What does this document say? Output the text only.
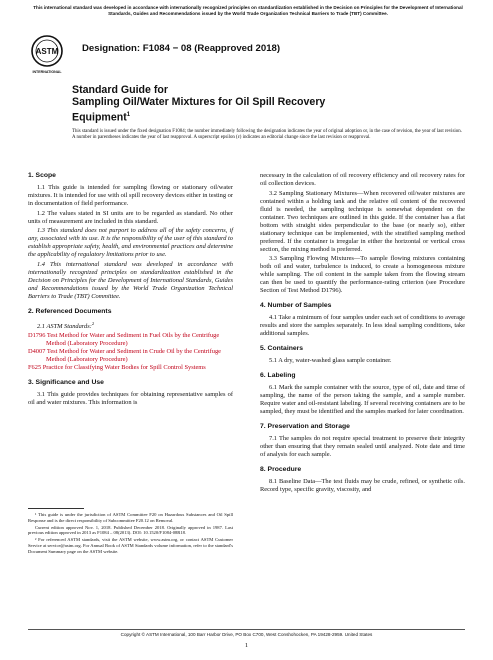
This international standard was developed in accordance with internationally recognized principles on standardization established in the Decision on Principles for the Development of International Standards, Guides and Recommendations issued by the World Trade Organization Technical Barriers to Trade (TBT) Committee.
ASTM
INTERNATIONAL
Designation: F1084 − 08 (Reapproved 2018)
Standard Guide for
Sampling Oil/Water Mixtures for Oil Spill Recovery
Equipment$^1$
This standard is issued under the fixed designation F1084; the number immediately following the designation indicates the year of original adoption or, in the case of revision, the year of last revision. A number in parentheses indicates the year of last reapproval. A superscript epsilon (ε) indicates an editorial change since the last revision or reapproval.
1. Scope

1.1 This guide is intended for sampling flowing or stationary oil/water mixtures. It is intended for use with oil spill recovery devices either in testing or in documentation of field performance.

1.2 The values stated in SI units are to be regarded as standard. No other units of measurement are included in this standard.

1.3 This standard does not purport to address all of the safety concerns, if any, associated with its use. It is the responsibility of the user of this standard to establish appropriate safety, health, and environmental practices and determine the applicability of regulatory limitations prior to use.

1.4 This international standard was developed in accordance with internationally recognized principles on standardization established in the Decision on Principles for the Development of International Standards, Guides and Recommendations issued by the World Trade Organization Technical Barriers to Trade (TBT) Committee.

2. Referenced Documents

2.1 ASTM Standards:$^2$

D1796 Test Method for Water and Sediment in Fuel Oils by the Centrifuge Method (Laboratory Procedure)

D4007 Test Method for Water and Sediment in Crude Oil by the Centrifuge Method (Laboratory Procedure)

F625 Practice for Classifying Water Bodies for Spill Control Systems

3. Significance and Use

3.1 This guide provides techniques for obtaining representative samples of oil and water mixtures. This information is

¹ This guide is under the jurisdiction of ASTM Committee F20 on Hazardous Substances and Oil Spill Response and is the direct responsibility of Subcommittee F20.12 on Removal.

Current edition approved Nov. 1, 2018. Published December 2018. Originally approved in 1987. Last previous edition approved in 2013 as F1084 – 08(2013). DOI: 10.1520/F1084-08R18.

² For referenced ASTM standards, visit the ASTM website, www.astm.org, or contact ASTM Customer Service at service@astm.org. For Annual Book of ASTM Standards volume information, refer to the standard's Document Summary page on the ASTM website.

necessary in the calculation of oil recovery efficiency and oil recovery rates for oil collection devices.

3.2 Sampling Stationary Mixtures—When recovered oil/water mixtures are contained within a holding tank and the relative oil content of the recovered fluid is needed, the sampling technique is somewhat dependent on the container. Two techniques are outlined in this guide. If the container has a flat bottom with straight sides perpendicular to the base (or nearly so), either stationary technique can be implemented, with the stratified sampling method preferred. If the container is irregular in either the horizontal or vertical cross section, the mixing method is preferred.

3.3 Sampling Flowing Mixtures—To sample flowing mixtures containing both oil and water, turbulence is induced, to create a homogeneous mixture while sampling. The oil content in the sample taken from the flowing stream can then be used to quantify the performance-rating criterion (see Procedure Section of Test Method D1796).

4. Number of Samples

4.1 Take a minimum of four samples under each set of conditions to average results and store the samples separately. In less ideal sampling conditions, take additional samples.

5. Containers

5.1 A dry, water-washed glass sample container.

6. Labeling

6.1 Mark the sample container with the source, type of oil, date and time of sampling, the name of the person taking the sample, and a sample number. Require water and oil-resistant labeling. If several receiving containers are to be sampled, they must be identified and the samples marked for later coordination.

7. Preservation and Storage

7.1 The samples do not require special treatment to preserve their integrity other than ensuring that they remain sealed until analyzed. Note date and time of analysis for each sample.

8. Procedure

8.1 Baseline Data—The test fluids may be crude, refined, or synthetic oils. Record type, specific gravity, viscosity, and

Copyright © ASTM International, 100 Barr Harbor Drive, PO Box C700, West Conshohocken, PA 19428-2959. United States
1
